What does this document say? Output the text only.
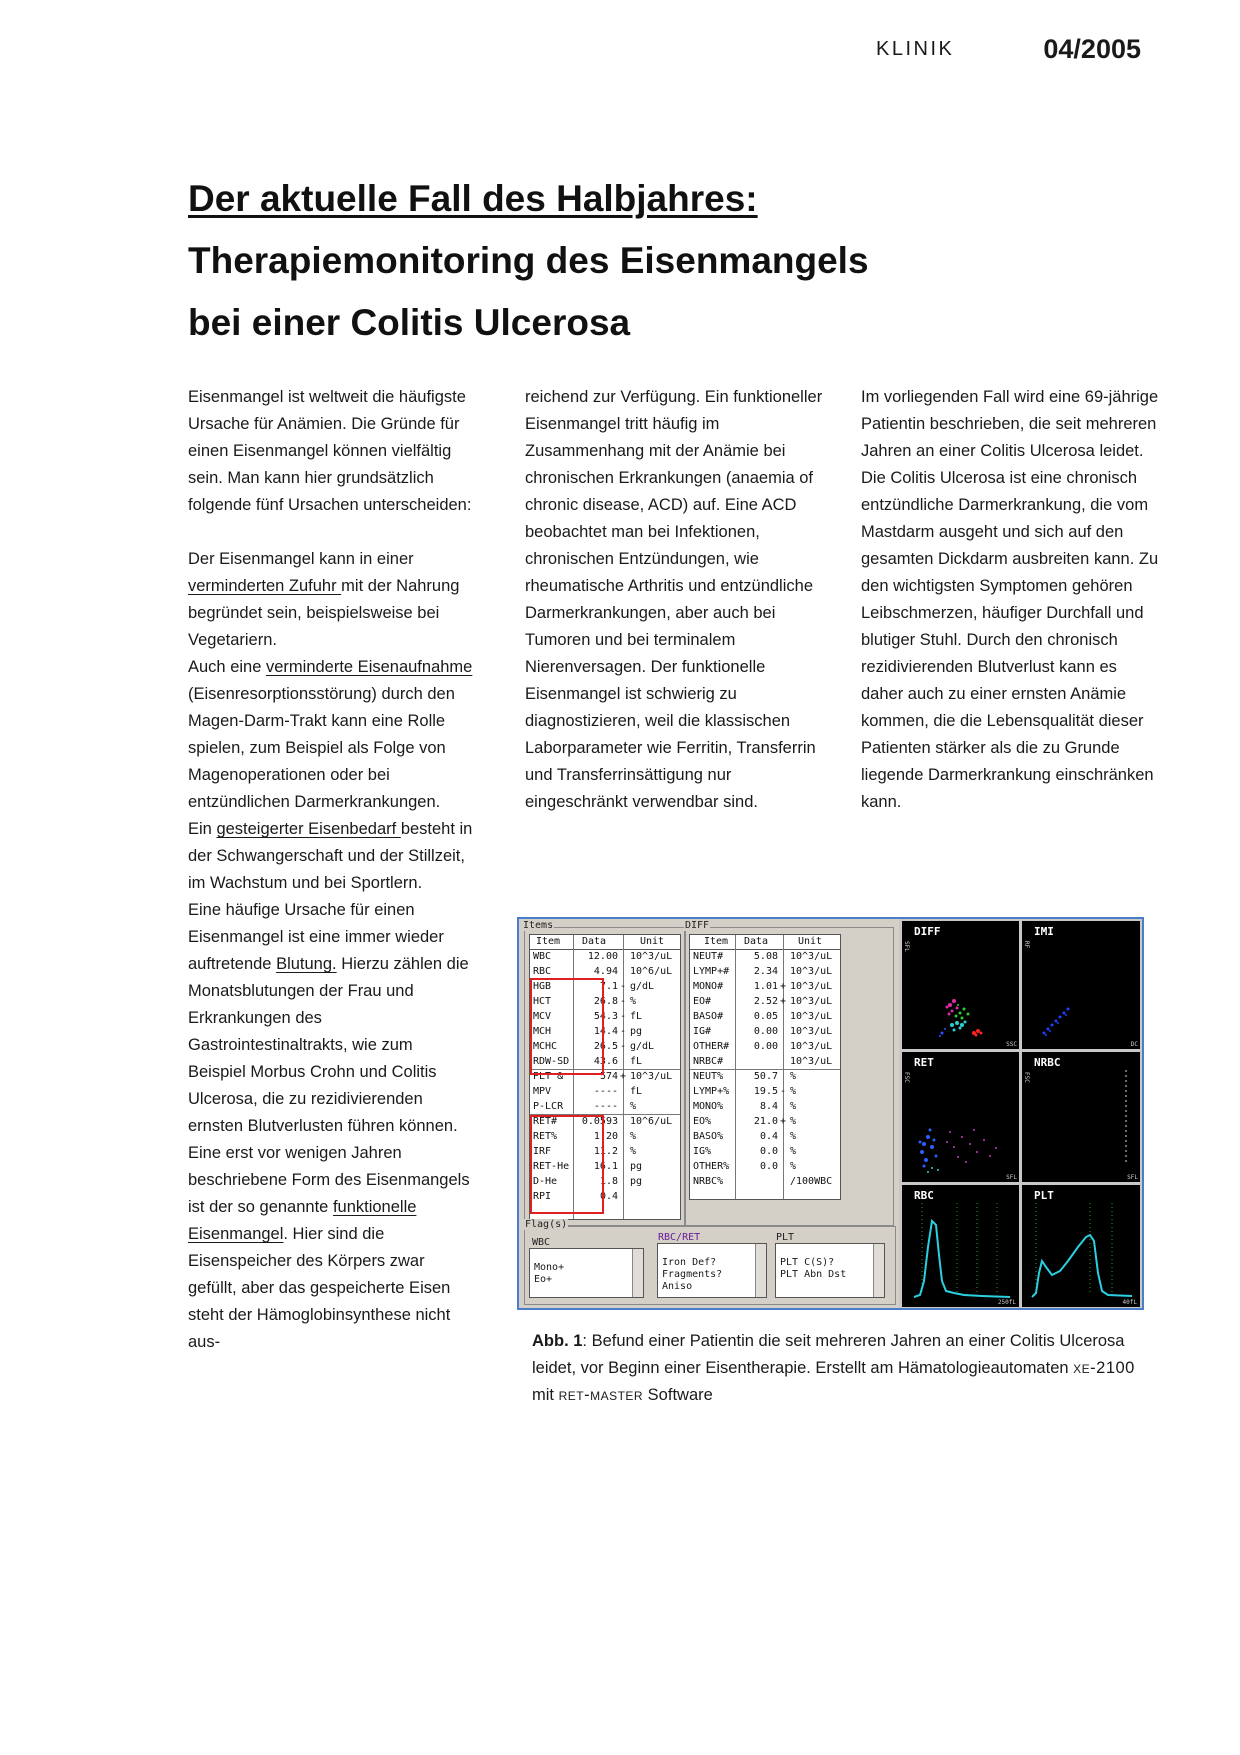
KLINIK	04/2005
Der aktuelle Fall des Halbjahres:
Therapiemonitoring des Eisenmangels
bei einer Colitis Ulcerosa

Eisenmangel ist weltweit die häufigste Ursache für Anämien. Die Gründe für einen Eisenmangel können vielfältig sein. Man kann hier grundsätzlich folgende fünf Ursachen unterscheiden:

Der Eisenmangel kann in einer verminderten Zufuhr mit der Nahrung begründet sein, beispielsweise bei Vegetariern.

Auch eine verminderte Eisenaufnahme (Eisenresorptionsstörung) durch den Magen-Darm-Trakt kann eine Rolle spielen, zum Beispiel als Folge von Magenoperationen oder bei entzündlichen Darmerkrankungen.

Ein gesteigerter Eisenbedarf besteht in der Schwangerschaft und der Stillzeit, im Wachstum und bei Sportlern.

Eine häufige Ursache für einen Eisenmangel ist eine immer wieder auftretende Blutung. Hierzu zählen die Monatsblutungen der Frau und Erkrankungen des Gastrointestinaltrakts, wie zum Beispiel Morbus Crohn und Colitis Ulcerosa, die zu rezidivierenden ernsten Blutverlusten führen können.

Eine erst vor wenigen Jahren beschriebene Form des Eisenmangels ist der so genannte funktionelle Eisenmangel. Hier sind die Eisenspeicher des Körpers zwar gefüllt, aber das gespeicherte Eisen steht der Hämoglobinsynthese nicht aus-

reichend zur Verfügung. Ein funktioneller Eisenmangel tritt häufig im Zusammenhang mit der Anämie bei chronischen Erkrankungen (anaemia of chronic disease, ACD) auf. Eine ACD beobachtet man bei Infektionen, chronischen Entzündungen, wie rheumatische Arthritis und entzündliche Darmerkrankungen, aber auch bei Tumoren und bei terminalem Nierenversagen. Der funktionelle Eisenmangel ist schwierig zu diagnostizieren, weil die klassischen Laborparameter wie Ferritin, Transferrin und Transferrinsättigung nur eingeschränkt verwendbar sind.

Im vorliegenden Fall wird eine 69-jährige Patientin beschrieben, die seit mehreren Jahren an einer Colitis Ulcerosa leidet. Die Colitis Ulcerosa ist eine chronisch entzündliche Darmerkrankung, die vom Mastdarm ausgeht und sich auf den gesamten Dickdarm ausbreiten kann. Zu den wichtigsten Symptomen gehören Leibschmerzen, häufiger Durchfall und blutiger Stuhl. Durch den chronisch rezidivierenden Blutverlust kann es daher auch zu einer ernsten Anämie kommen, die die Lebensqualität dieser Patienten stärker als die zu Grunde liegende Darmerkrankung einschränken kann.

Items
Item Data	Unit
WBC	12.00 10^3/uL
RBC	4.94 10^6/uL
HGB	7.1 - g/dL
HCT	26.8 - %
MCV	54.3 - fL
MCH	14.4 - pg
MCHC	26.5 - g/dL
RDW-SD 43.6 fL
PLT &	574 + 10^3/uL
MPV	---- fL
P-LCR	---- %
RET# 0.0593 10^6/uL
RET%	1.20 %
IRF	11.2 %
RET-He 16.1 pg
D-He	1.8 pg
RPI	0.4
DIFF
Item Data	Unit
NEUT#	5.08 10^3/uL
LYMP+# 2.34 10^3/uL
MONO#	1.01 + 10^3/uL
EO#	2.52 + 10^3/uL
BASO#	0.05 10^3/uL
IG#	0.00 10^3/uL
OTHER# 0.00 10^3/uL
NRBC#	10^3/uL
NEUT%	50.7 %
LYMP+% 19.5 - %
MONO%	8.4 %
EO%	21.0 + %
BASO%	0.4 %
IG%	0.0 %
OTHER%	0.0 %
NRBC%	/100WBC
Flag(s)
WBC	RBC/RET	PLT

Mono+
Eo+

Iron Def?
Fragments?
Aniso

PLT C(S)?
PLT Abn Dst

DIFF
SFL
SSC
IMI
RF
DC
RET
FSC
SFL
NRBC
FSC
SFL
RBC
250fL
PLT
40fL
Abb. 1: Befund einer Patientin die seit mehreren Jahren an einer Colitis Ulcerosa leidet, vor Beginn einer Eisentherapie. Erstellt am Hämatologieautomaten xe-2100 mit ret-master Software
